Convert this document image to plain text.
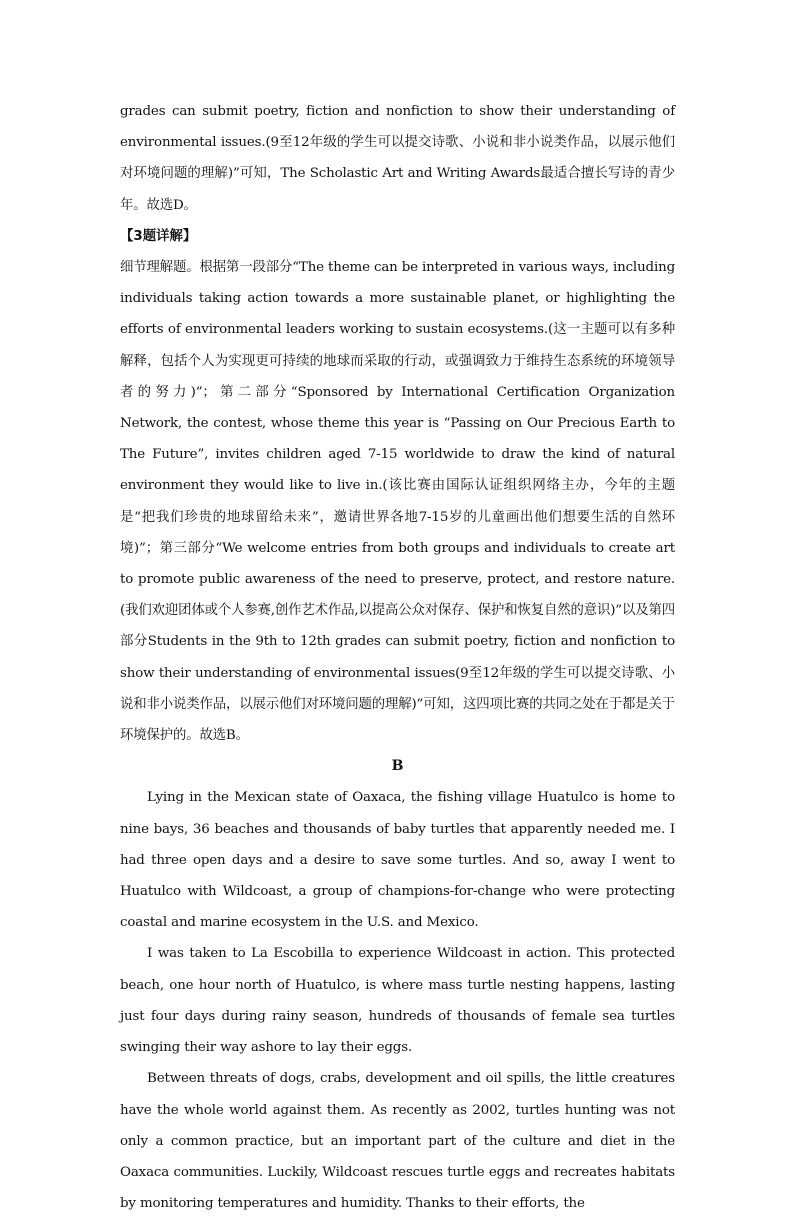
grades can submit poetry, fiction and nonfiction to show their understanding of environmental issues.(9至12年级的学生可以提交诗歌、小说和非小说类作品，以展示他们对环境问题的理解)”可知，The Scholastic Art and Writing Awards最适合擅长写诗的青少年。故选D。

【3题详解】

细节理解题。根据第一段部分“The theme can be interpreted in various ways, including individuals taking action towards a more sustainable planet, or highlighting the efforts of environmental leaders working to sustain ecosystems.(这一主题可以有多种解释，包括个人为实现更可持续的地球而采取的行动，或强调致力于维持生态系统的环境领导者的努力)”；第二部分“Sponsored by International Certification Organization Network, the contest, whose theme this year is “Passing on Our Precious Earth to The Future”, invites children aged 7-15 worldwide to draw the kind of natural environment they would like to live in.(该比赛由国际认证组织网络主办，今年的主题是“把我们珍贵的地球留给未来”，邀请世界各地7-15岁的儿童画出他们想要生活的自然环境)”；第三部分“We welcome entries from both groups and individuals to create art to promote public awareness of the need to preserve, protect, and restore nature.(我们欢迎团体或个人参赛,创作艺术作品,以提高公众对保存、保护和恢复自然的意识)”以及第四部分Students in the 9th to 12th grades can submit poetry, fiction and nonfiction to show their understanding of environmental issues(9至12年级的学生可以提交诗歌、小说和非小说类作品，以展示他们对环境问题的理解)”可知，这四项比赛的共同之处在于都是关于环境保护的。故选B。

B

Lying in the Mexican state of Oaxaca, the fishing village Huatulco is home to nine bays, 36 beaches and thousands of baby turtles that apparently needed me. I had three open days and a desire to save some turtles. And so, away I went to Huatulco with Wildcoast, a group of champions-for-change who were protecting coastal and marine ecosystem in the U.S. and Mexico.

I was taken to La Escobilla to experience Wildcoast in action. This protected beach, one hour north of Huatulco, is where mass turtle nesting happens, lasting just four days during rainy season, hundreds of thousands of female sea turtles swinging their way ashore to lay their eggs.

Between threats of dogs, crabs, development and oil spills, the little creatures have the whole world against them. As recently as 2002, turtles hunting was not only a common practice, but an important part of the culture and diet in the Oaxaca communities. Luckily, Wildcoast rescues turtle eggs and recreates habitats by monitoring temperatures and humidity. Thanks to their efforts, the
